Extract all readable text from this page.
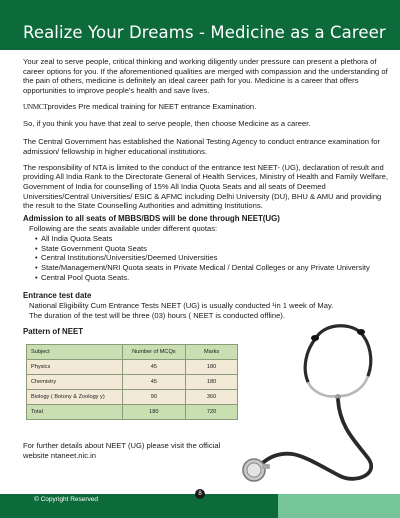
Realize Your Dreams - Medicine as a Career

Your zeal to serve people, critical thinking and working diligently under pressure can present a plethora of career options for you. If the aforementioned qualities are merged with compassion and the understanding of the pain of others, medicine is definitely an ideal career path for you. Medicine is a career that offers opportunities to improve people's health and save lives.

UNMCTprovides Pre medical training for NEET entrance Examination.

So, if you think you have that zeal to serve people, then choose Medicine as a career.

The Central Government has established the National Testing Agency to conduct entrance examination for admission/ fellowship in higher educational institutions.

The responsibility of NTA is limited to the conduct of the entrance test NEET- (UG), declaration of result and providing All India Rank to the Directorate General of Health Services, Ministry of Health and Family Welfare, Government of India for counselling of 15% All India Quota Seats and all seats of Deemed Universities/Central Universities/ ESIC & AFMC including Delhi University (DU), BHU & AMU and providing the result to the State Counselling Authorities and admitting Institutions.

Admission to all seats of MBBS/BDS will be done through NEET(UG)

Following are the seats available under different quotas:

• All India Quota Seats
• State Government Quota Seats
• Central Institutions/Universities/Deemed Universities
• State/Management/NRI Quota seats in Private Medical / Dental Colleges or any Private University
• Central Pool Quota Seats.

Entrance test date

National Eligibility Cum Entrance Tests NEET (UG) is usually conducted ¹in 1 week of May.

The duration of the test will be three (03) hours ( NEET is conducted offline).

Pattern of NEET

Subject	Number of MCQs	Marks
Physics	45	180
Chemistry	45	180
Biology ( Botony & Zoology y)	90	360
Total	180	720

For further details about NEET (UG) please visit the official website ntaneet.nic.in

© Copyright Reserved
8
